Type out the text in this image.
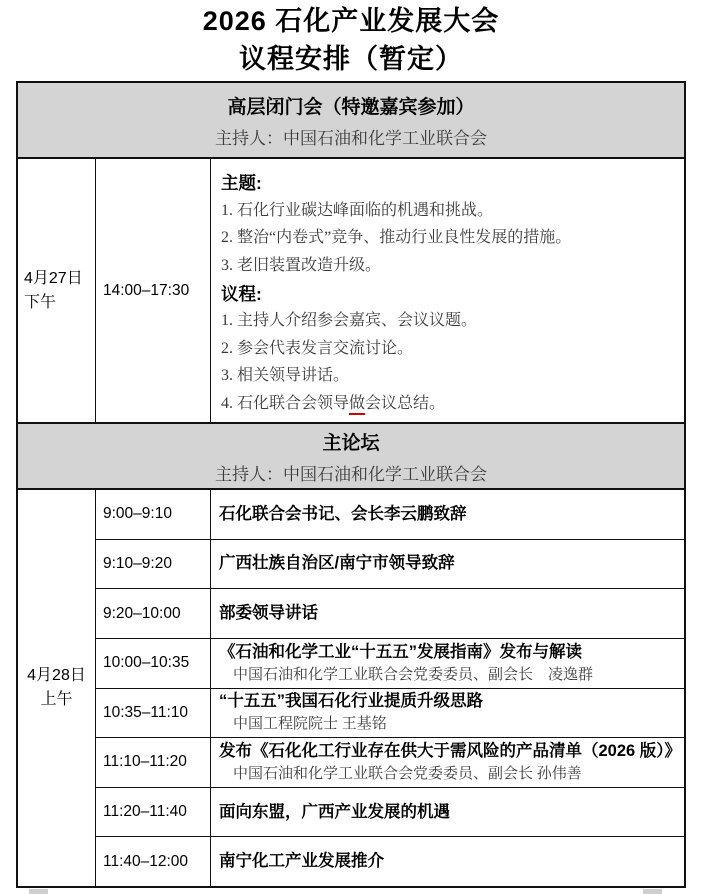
2026 石化产业发展大会
议程安排（暂定）
高层闭门会（特邀嘉宾参加）
主持人：中国石油和化学工业联合会
4月27日
下午
14:00–17:30
主题:
1. 石化行业碳达峰面临的机遇和挑战。
2. 整治“内卷式”竞争、推动行业良性发展的措施。
3. 老旧装置改造升级。
议程:
1. 主持人介绍参会嘉宾、会议议题。
2. 参会代表发言交流讨论。
3. 相关领导讲话。
4. 石化联合会领导做会议总结。
主论坛
主持人：中国石油和化学工业联合会
4月28日
上午
9:00–9:10	石化联合会书记、会长李云鹏致辞
9:10–9:20	广西壮族自治区/南宁市领导致辞
9:20–10:00	部委领导讲话
10:00–10:35
《石油和化学工业“十五五”发展指南》发布与解读
中国石油和化学工业联合会党委委员、副会长　凌逸群
10:35–11:10
“十五五”我国石化行业提质升级思路
中国工程院院士 王基铭
11:10–11:20
发布《石化化工行业存在供大于需风险的产品清单（2026 版）》
中国石油和化学工业联合会党委委员、副会长 孙伟善
11:20–11:40	面向东盟，广西产业发展的机遇
11:40–12:00	南宁化工产业发展推介
